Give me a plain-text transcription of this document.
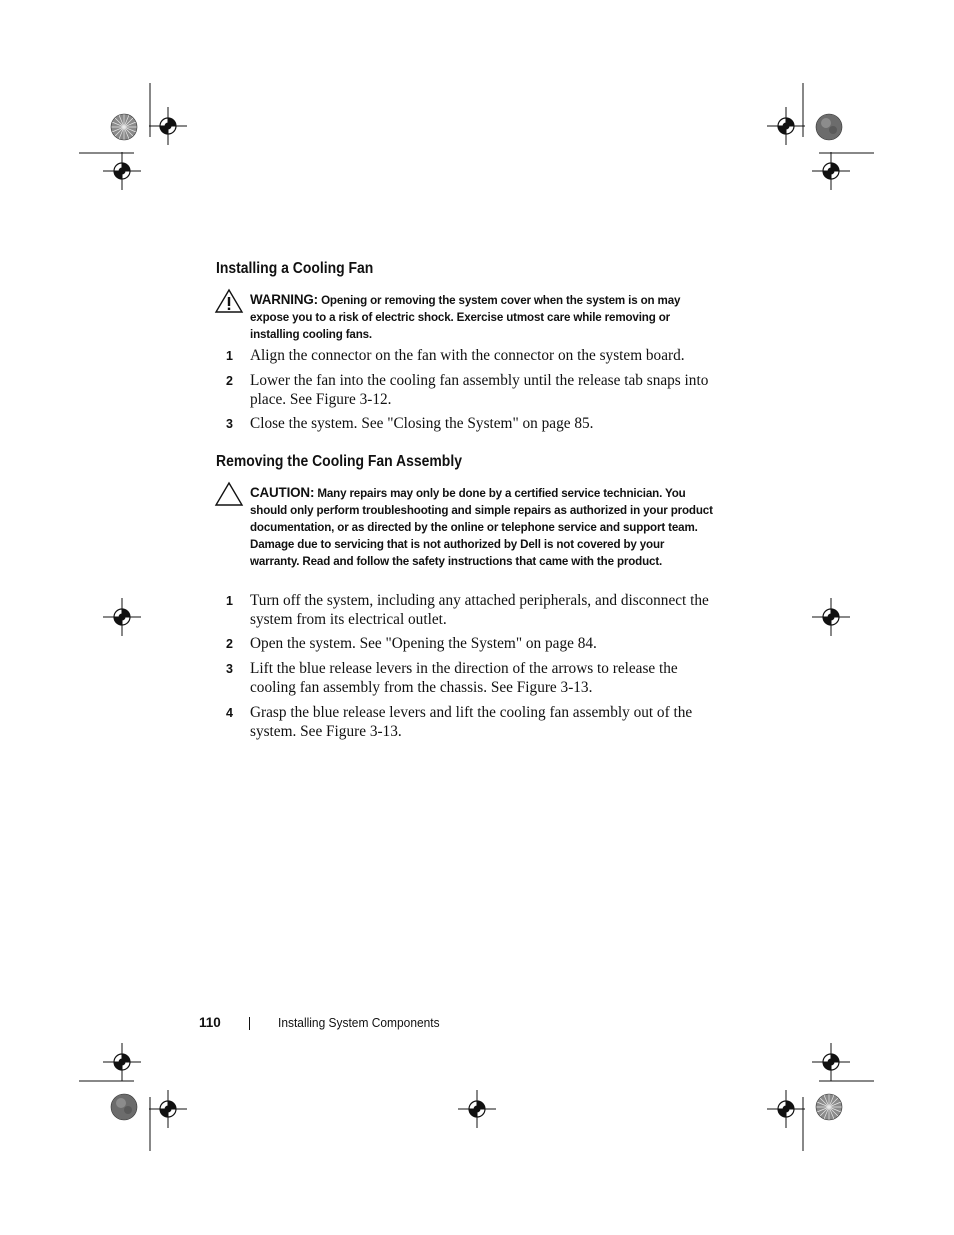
Installing a Cooling Fan
WARNING: Opening or removing the system cover when the system is on may expose you to a risk of electric shock. Exercise utmost care while removing or installing cooling fans.
1 Align the connector on the fan with the connector on the system board.
2 Lower the fan into the cooling fan assembly until the release tab snaps into place. See Figure 3-12.
3 Close the system. See "Closing the System" on page 85.
Removing the Cooling Fan Assembly
CAUTION: Many repairs may only be done by a certified service technician. You should only perform troubleshooting and simple repairs as authorized in your product documentation, or as directed by the online or telephone service and support team. Damage due to servicing that is not authorized by Dell is not covered by your warranty. Read and follow the safety instructions that came with the product.
1 Turn off the system, including any attached peripherals, and disconnect the system from its electrical outlet.
2 Open the system. See "Opening the System" on page 84.
3 Lift the blue release levers in the direction of the arrows to release the cooling fan assembly from the chassis. See Figure 3-13.
4 Grasp the blue release levers and lift the cooling fan assembly out of the system. See Figure 3-13.
110	Installing System Components
